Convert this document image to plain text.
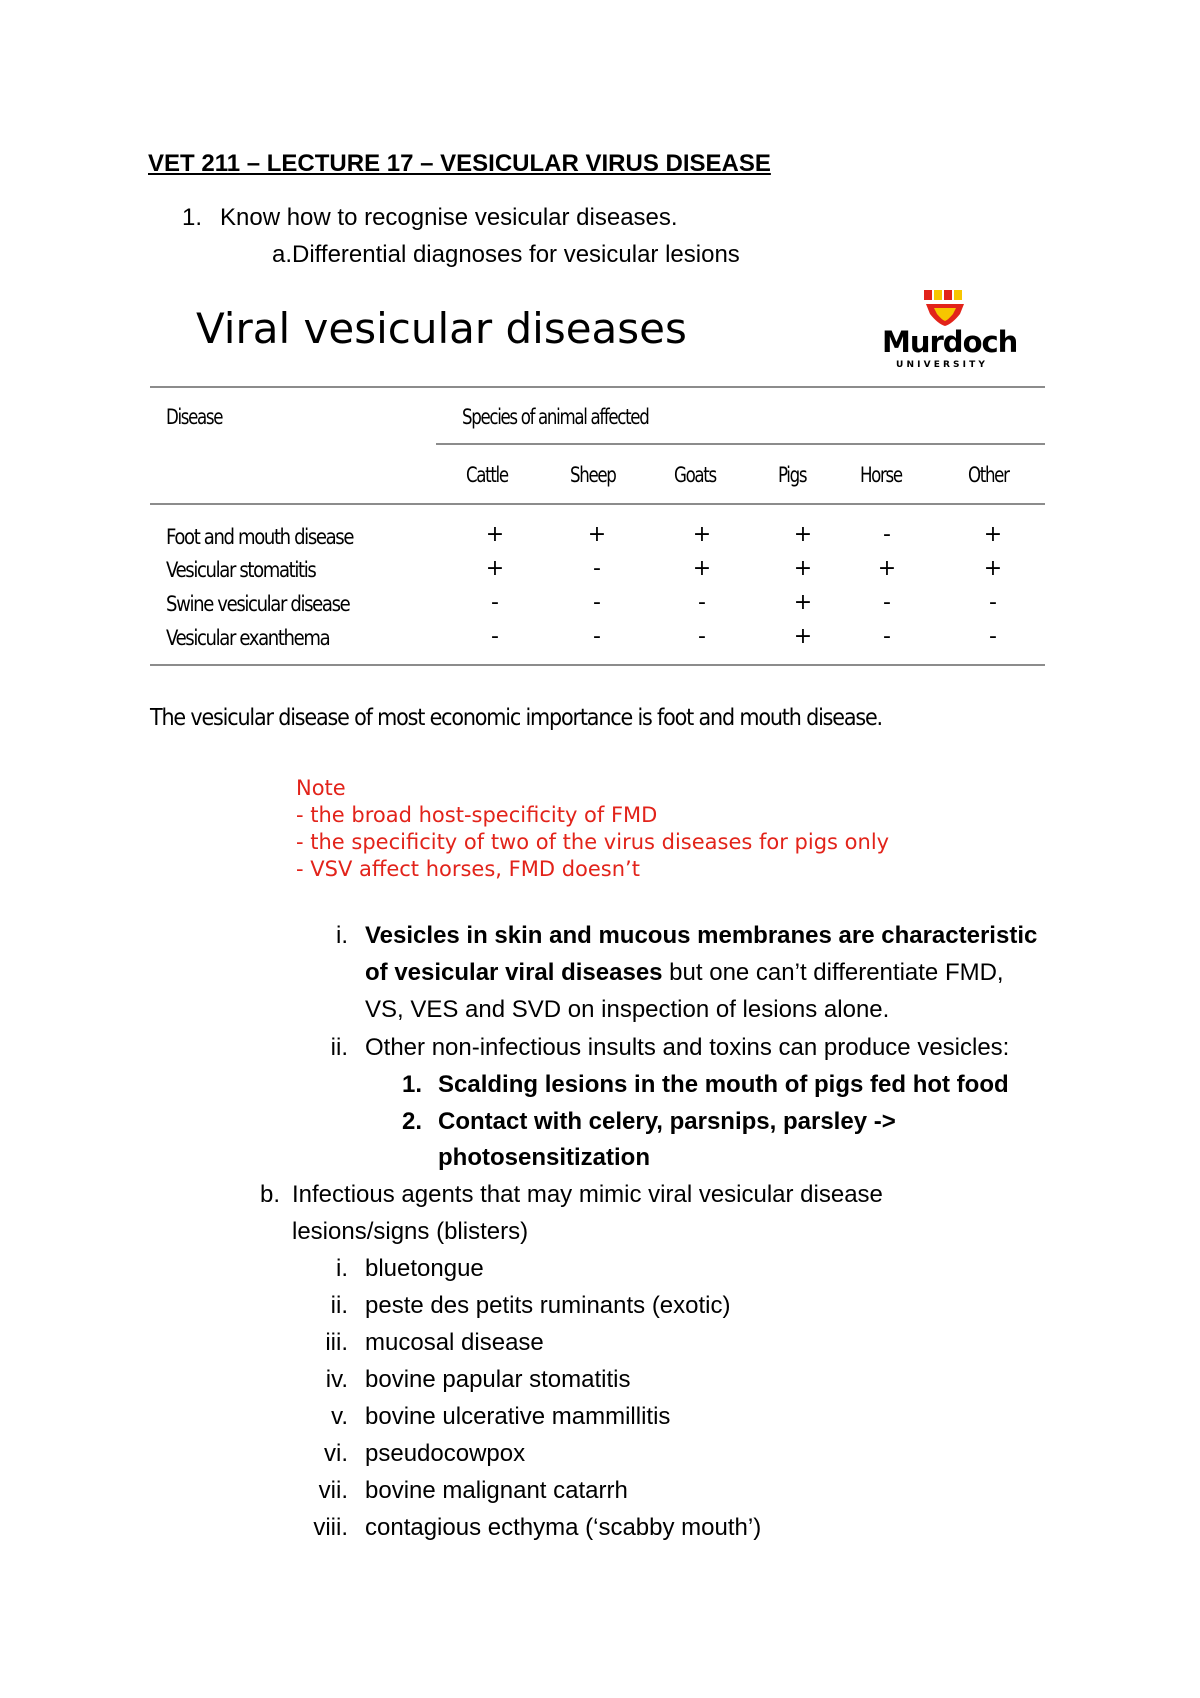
VET 211 – LECTURE 17 – VESICULAR VIRUS DISEASE
1. Know how to recognise vesicular diseases.
a. Differential diagnoses for vesicular lesions
Viral vesicular diseases	Murdoch
U N I V E R S I T Y
Disease	Species of animal affected
Cattle	Sheep	Goats	Pigs	Horse	Other
Foot and mouth disease	+	+	+	+	-	+
Vesicular stomatitis	+	-	+	+	+	+
Swine vesicular disease	-	-	-	+	-	-
Vesicular exanthema	-	-	-	+	-	-
The vesicular disease of most economic importance is foot and mouth disease.
Note
- the broad host-specificity of FMD
- the specificity of two of the virus diseases for pigs only
- VSV affect horses, FMD doesn’t
i. Vesicles in skin and mucous membranes are characteristic
of vesicular viral diseases but one can’t differentiate FMD,
VS, VES and SVD on inspection of lesions alone.
ii. Other non-infectious insults and toxins can produce vesicles:
1. Scalding lesions in the mouth of pigs fed hot food
2. Contact with celery, parsnips, parsley ->
photosensitization
b. Infectious agents that may mimic viral vesicular disease
lesions/signs (blisters)
i. bluetongue
ii. peste des petits ruminants (exotic)
iii. mucosal disease
iv. bovine papular stomatitis
v. bovine ulcerative mammillitis
vi. pseudocowpox
vii. bovine malignant catarrh
viii. contagious ecthyma (‘scabby mouth’)
